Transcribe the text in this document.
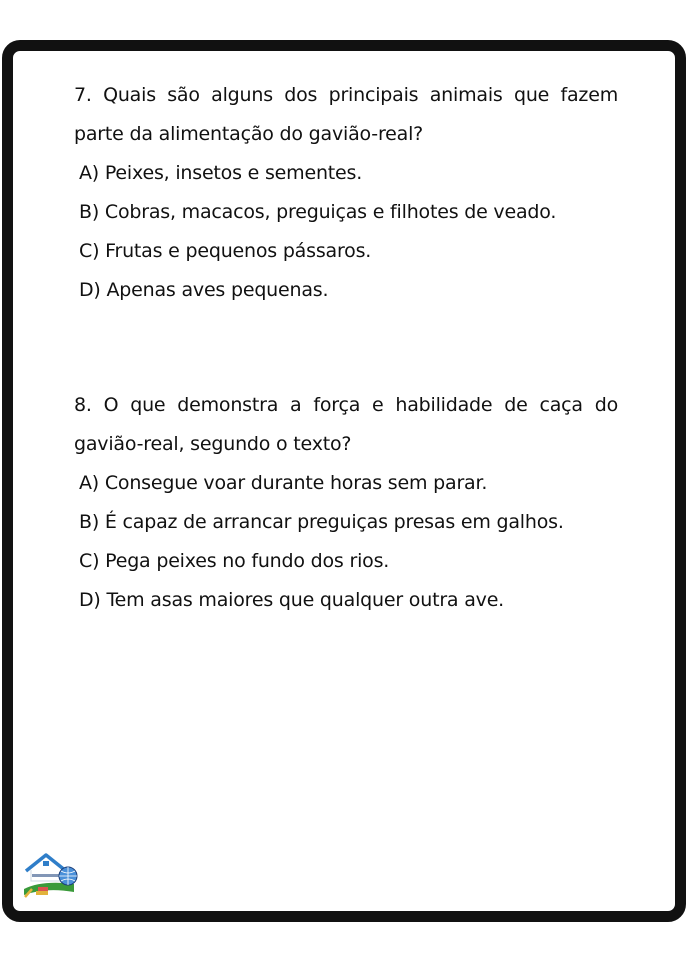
7. Quais são alguns dos principais animais que fazem parte da alimentação do gavião-real?

A) Peixes, insetos e sementes.
B) Cobras, macacos, preguiças e filhotes de veado.
C) Frutas e pequenos pássaros.
D) Apenas aves pequenas.

8. O que demonstra a força e habilidade de caça do gavião-real, segundo o texto?

A) Consegue voar durante horas sem parar.
B) É capaz de arrancar preguiças presas em galhos.
C) Pega peixes no fundo dos rios.
D) Tem asas maiores que qualquer outra ave.
